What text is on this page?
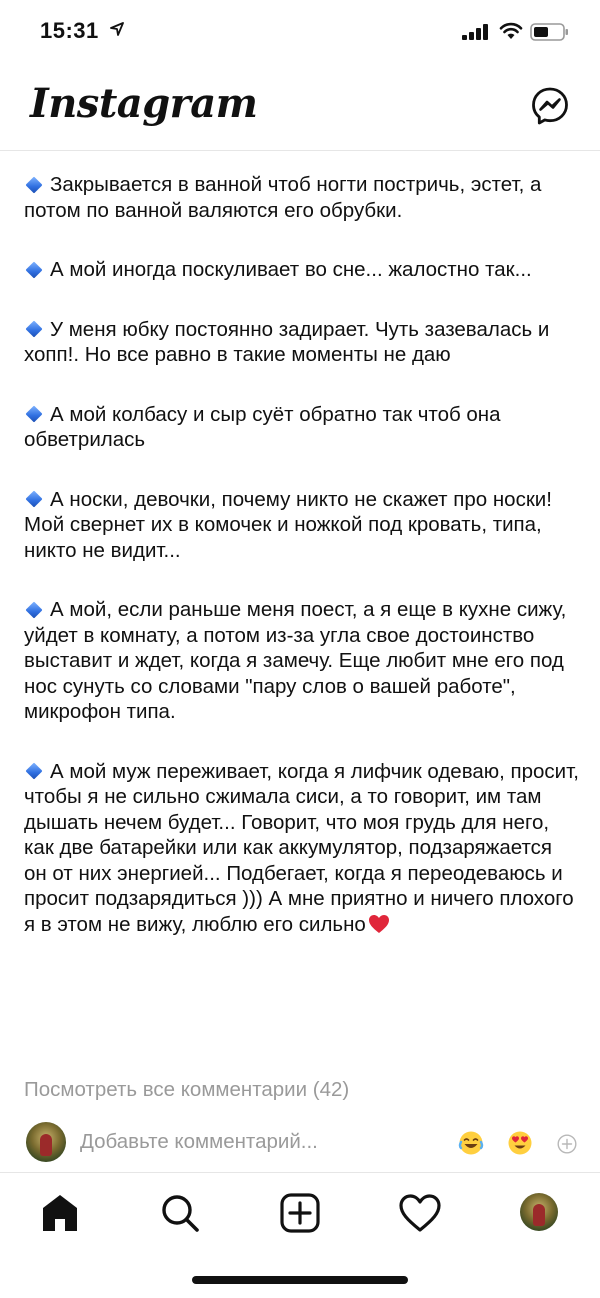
15:31
Instagram

Закрывается в ванной чтоб ногти постричь, эстет, а потом по ванной валяются его обрубки.

А мой иногда поскуливает во сне... жалостно так...

У меня юбку постоянно задирает. Чуть зазевалась и хопп!. Но все равно в такие моменты не даю

А мой колбасу и сыр суёт обратно так чтоб она обветрилась

А носки, девочки, почему никто не скажет про носки! Мой свернет их в комочек и ножкой под кровать, типа, никто не видит...

А мой, если раньше меня поест, а я еще в кухне сижу, уйдет в комнату, а потом из-за угла свое достоинство выставит и ждет, когда я замечу. Еще любит мне его под нос сунуть со словами "пару слов о вашей работе", микрофон типа.

А мой муж переживает, когда я лифчик одеваю, просит, чтобы я не сильно сжимала сиси, а то говорит, им там дышать нечем будет... Говорит, что моя грудь для него, как две батарейки или как аккумулятор, подзаряжается он от них энергией... Подбегает, когда я переодеваюсь и просит подзарядиться ))) А мне приятно и ничего плохого я в этом не вижу, люблю его сильно

Посмотреть все комментарии (42)
Добавьте комментарий...
